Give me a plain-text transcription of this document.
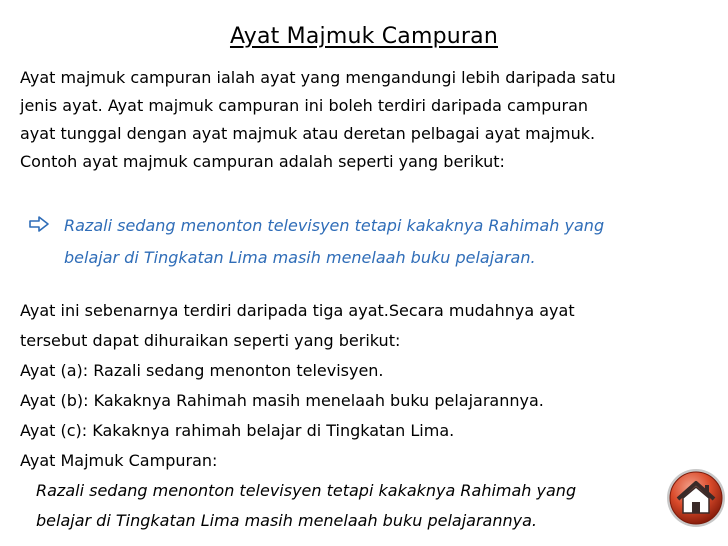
Ayat Majmuk Campuran
Ayat majmuk campuran ialah ayat yang mengandungi lebih daripada satu
jenis ayat. Ayat majmuk campuran ini boleh terdiri daripada campuran
ayat tunggal dengan ayat majmuk atau deretan pelbagai ayat majmuk.
Contoh ayat majmuk campuran adalah seperti yang berikut:
Razali sedang menonton televisyen tetapi kakaknya Rahimah yang
belajar di Tingkatan Lima masih menelaah buku pelajaran.
Ayat ini sebenarnya terdiri daripada tiga ayat.Secara mudahnya ayat
tersebut dapat dihuraikan seperti yang berikut:
Ayat (a): Razali sedang menonton televisyen.
Ayat (b): Kakaknya Rahimah masih menelaah buku pelajarannya.
Ayat (c): Kakaknya rahimah belajar di Tingkatan Lima.
Ayat Majmuk Campuran:
Razali sedang menonton televisyen tetapi kakaknya Rahimah yang
belajar di Tingkatan Lima masih menelaah buku pelajarannya.
